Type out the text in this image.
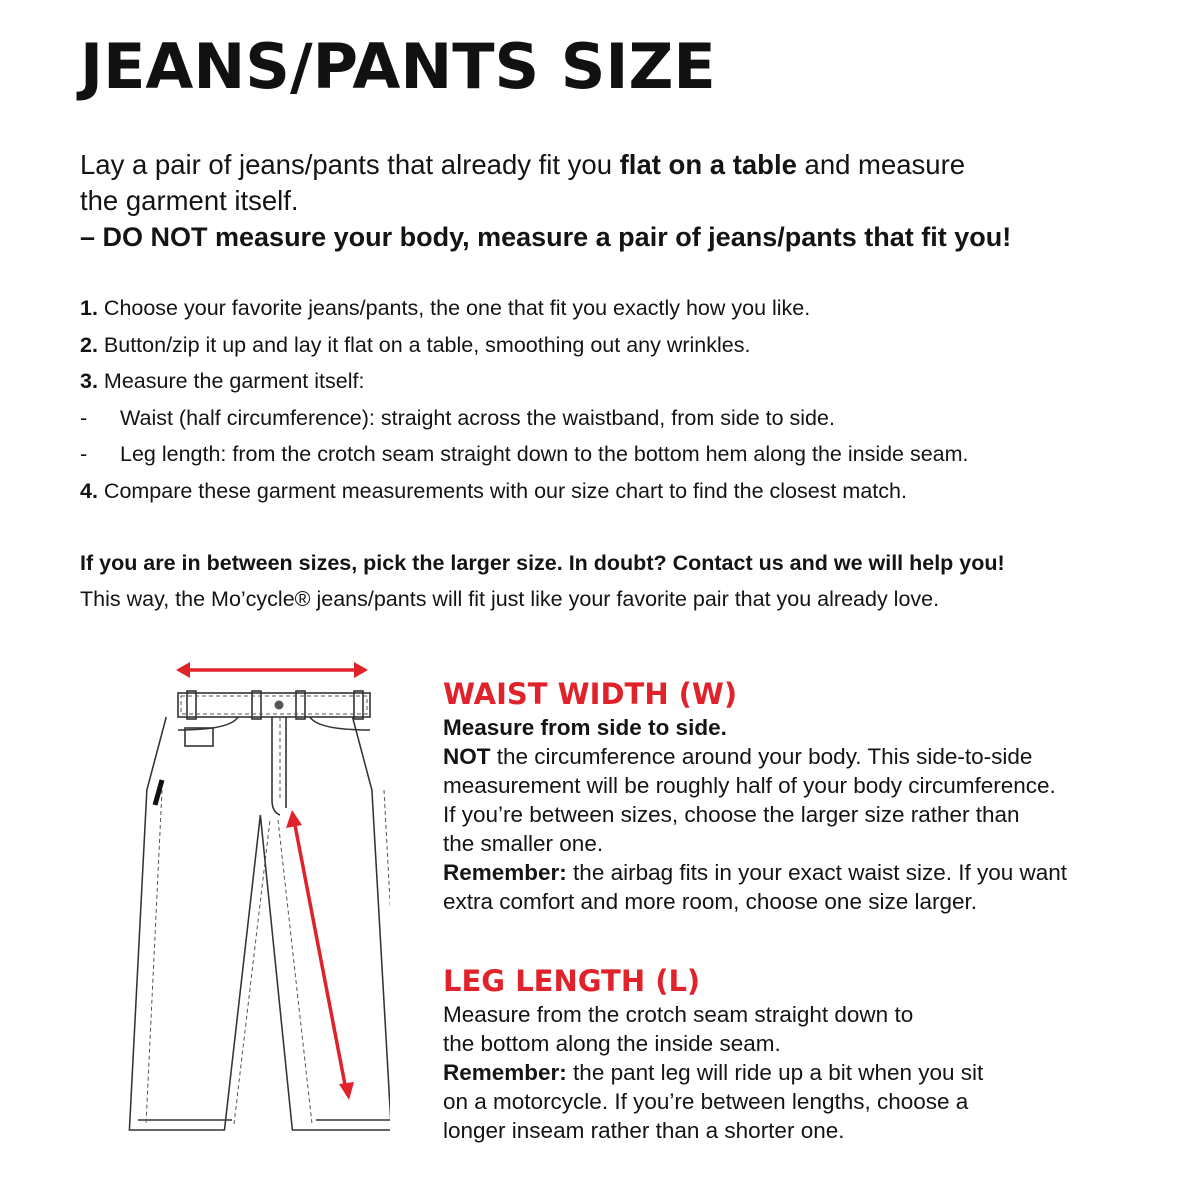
JEANS/PANTS SIZE
Lay a pair of jeans/pants that already fit you flat on a table and measure
the garment itself.
– DO NOT measure your body, measure a pair of jeans/pants that fit you!
1. Choose your favorite jeans/pants, the one that fit you exactly how you like.
2. Button/zip it up and lay it flat on a table, smoothing out any wrinkles.
3. Measure the garment itself:
- Waist (half circumference): straight across the waistband, from side to side.
- Leg length: from the crotch seam straight down to the bottom hem along the inside seam.
4. Compare these garment measurements with our size chart to find the closest match.
If you are in between sizes, pick the larger size. In doubt? Contact us and we will help you!
This way, the Mo’cycle® jeans/pants will fit just like your favorite pair that you already love.
WAIST WIDTH (W)
Measure from side to side.
NOT the circumference around your body. This side-to-side
measurement will be roughly half of your body circumference.
If you’re between sizes, choose the larger size rather than
the smaller one.
Remember: the airbag fits in your exact waist size. If you want
extra comfort and more room, choose one size larger.
LEG LENGTH (L)
Measure from the crotch seam straight down to
the bottom along the inside seam.
Remember: the pant leg will ride up a bit when you sit
on a motorcycle. If you’re between lengths, choose a
longer inseam rather than a shorter one.
